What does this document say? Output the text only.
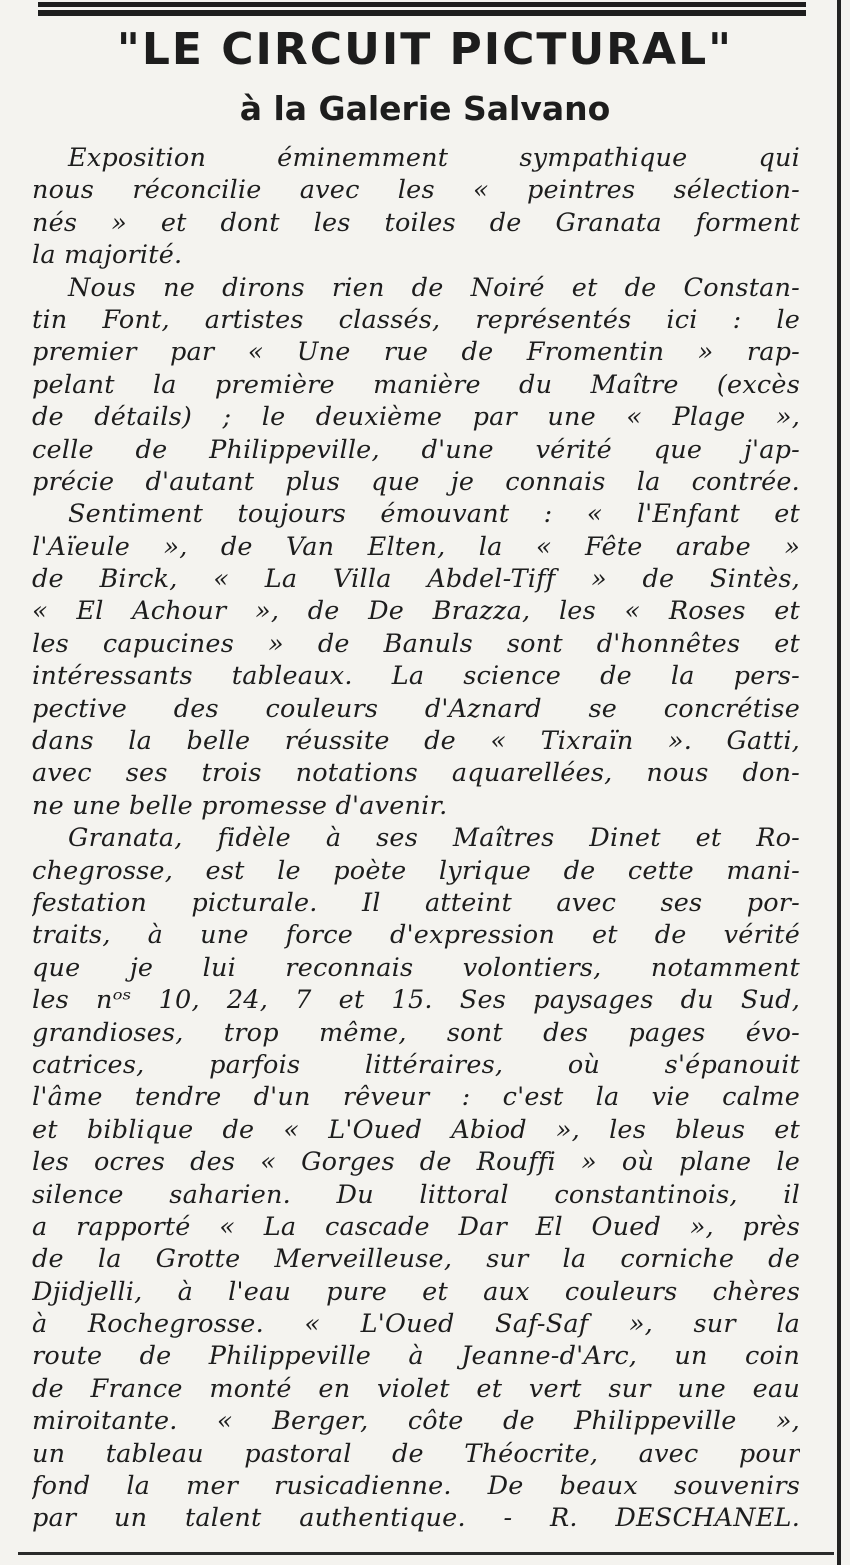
"LE CIRCUIT PICTURAL"
à la Galerie Salvano
Exposition éminemment sympathique qui
nous réconcilie avec les « peintres sélection-
nés » et dont les toiles de Granata forment
la majorité.
Nous ne dirons rien de Noiré et de Constan-
tin Font, artistes classés, représentés ici : le
premier par « Une rue de Fromentin » rap-
pelant la première manière du Maître (excès
de détails) ; le deuxième par une « Plage »,
celle de Philippeville, d'une vérité que j'ap-
précie d'autant plus que je connais la contrée.
Sentiment toujours émouvant : « l'Enfant et
l'Aïeule », de Van Elten, la « Fête arabe »
de Birck, « La Villa Abdel-Tiff » de Sintès,
« El Achour », de De Brazza, les « Roses et
les capucines » de Banuls sont d'honnêtes et
intéressants tableaux. La science de la pers-
pective des couleurs d'Aznard se concrétise
dans la belle réussite de « Tixraïn ». Gatti,
avec ses trois notations aquarellées, nous don-
ne une belle promesse d'avenir.
Granata, fidèle à ses Maîtres Dinet et Ro-
chegrosse, est le poète lyrique de cette mani-
festation picturale. Il atteint avec ses por-
traits, à une force d'expression et de vérité
que je lui reconnais volontiers, notamment
les nᵒˢ 10, 24, 7 et 15. Ses paysages du Sud,
grandioses, trop même, sont des pages évo-
catrices, parfois littéraires, où s'épanouit
l'âme tendre d'un rêveur : c'est la vie calme
et biblique de « L'Oued Abiod », les bleus et
les ocres des « Gorges de Rouffi » où plane le
silence saharien. Du littoral constantinois, il
a rapporté « La cascade Dar El Oued », près
de la Grotte Merveilleuse, sur la corniche de
Djidjelli, à l'eau pure et aux couleurs chères
à Rochegrosse. « L'Oued Saf-Saf », sur la
route de Philippeville à Jeanne-d'Arc, un coin
de France monté en violet et vert sur une eau
miroitante. « Berger, côte de Philippeville »,
un tableau pastoral de Théocrite, avec pour
fond la mer rusicadienne. De beaux souvenirs
par un talent authentique. - R. DESCHANEL.
